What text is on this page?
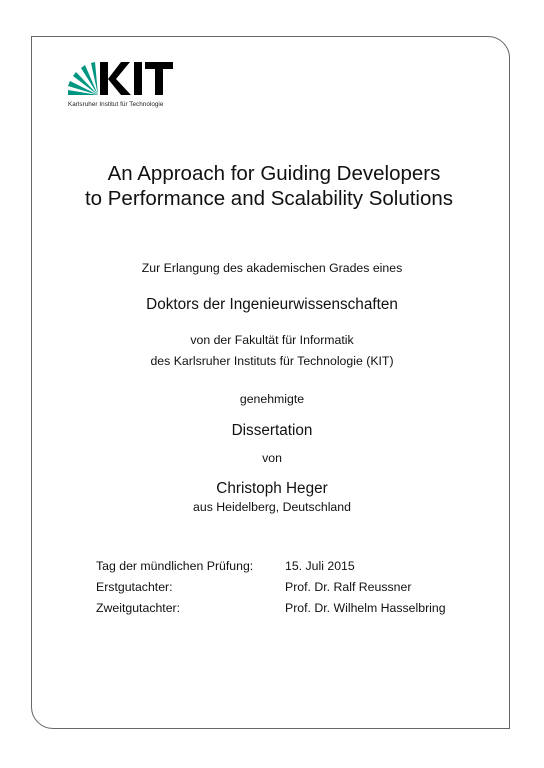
Karlsruher Institut für Technologie
An Approach for Guiding Developers
to Performance and Scalability Solutions
Zur Erlangung des akademischen Grades eines
Doktors der Ingenieurwissenschaften
von der Fakultät für Informatik
des Karlsruher Instituts für Technologie (KIT)
genehmigte
Dissertation
von
Christoph Heger
aus Heidelberg, Deutschland
Tag der mündlichen Prüfung:	15. Juli 2015
Erstgutachter:	Prof. Dr. Ralf Reussner
Zweitgutachter:	Prof. Dr. Wilhelm Hasselbring
